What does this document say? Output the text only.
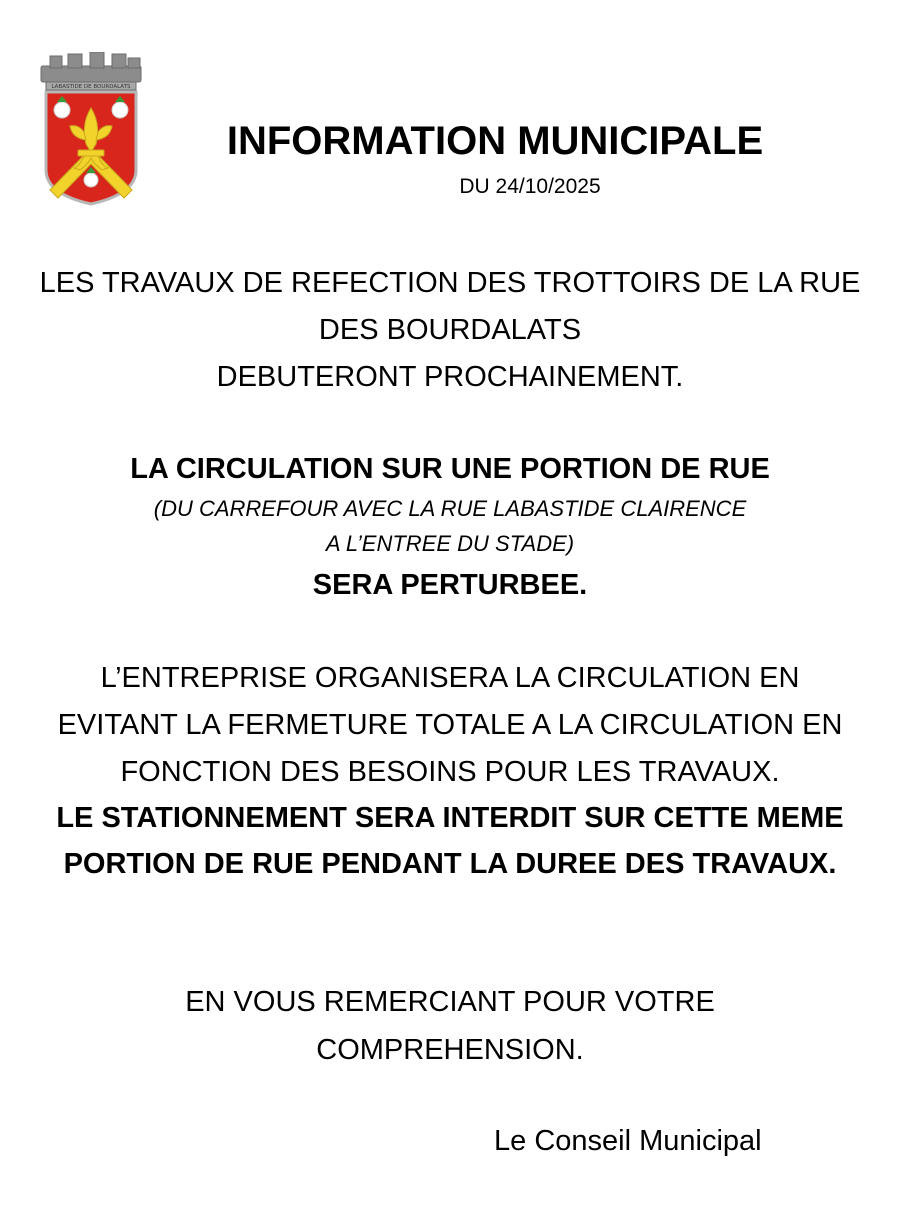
LABASTIDE DE BOURDALATS
INFORMATION MUNICIPALE
DU 24/10/2025
LES TRAVAUX DE REFECTION DES TROTTOIRS DE LA RUE
DES BOURDALATS
DEBUTERONT PROCHAINEMENT.
LA CIRCULATION SUR UNE PORTION DE RUE
(DU CARREFOUR AVEC LA RUE LABASTIDE CLAIRENCE
A L’ENTREE DU STADE)
SERA PERTURBEE.
L’ENTREPRISE ORGANISERA LA CIRCULATION EN
EVITANT LA FERMETURE TOTALE A LA CIRCULATION EN
FONCTION DES BESOINS POUR LES TRAVAUX.
LE STATIONNEMENT SERA INTERDIT SUR CETTE MEME
PORTION DE RUE PENDANT LA DUREE DES TRAVAUX.
EN VOUS REMERCIANT POUR VOTRE
COMPREHENSION.
Le Conseil Municipal
